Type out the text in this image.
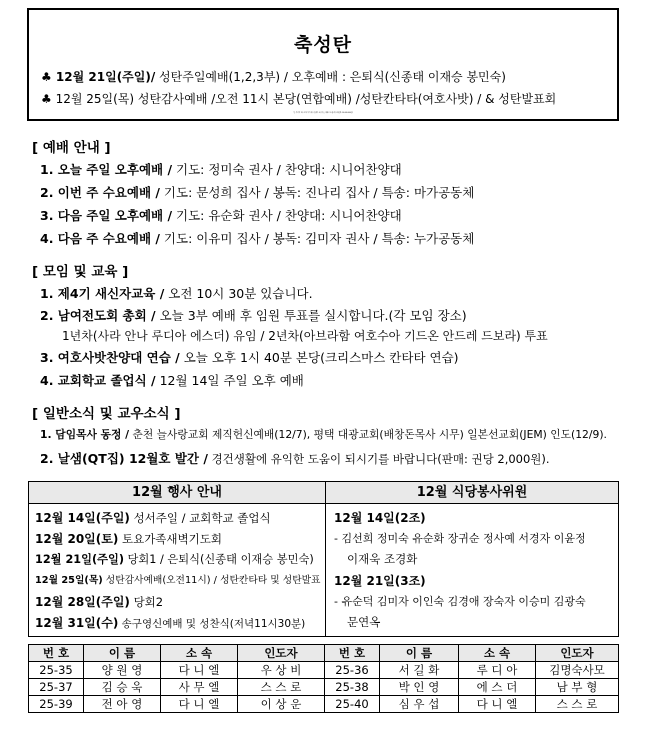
축성탄
♣ 12월 21일(주일)/ 성탄주일예배(1,2,3부) / 오후예배 : 은퇴식(신종태 이재승 봉민숙)
♣ 12월 25일(목) 성탄감사예배 /오전 11시 본당(연합예배) /성탄칸타타(여호사밧) / & 성탄발표회
*온 가족이 모두 모여 아기 예수 탄생을 축하하는 예배로 드립니다.(예산액: 20,000,000원)
[ 예배 안내 ]
1. 오늘 주일 오후예배 / 기도: 정미숙 권사 / 찬양대: 시니어찬양대
2. 이번 주 수요예배 / 기도: 문성희 집사 / 봉독: 진나리 집사 / 특송: 마가공동체
3. 다음 주일 오후예배 / 기도: 유순화 권사 / 찬양대: 시니어찬양대
4. 다음 주 수요예배 / 기도: 이유미 집사 / 봉독: 김미자 권사 / 특송: 누가공동체
[ 모임 및 교육 ]
1. 제4기 새신자교육 / 오전 10시 30분 있습니다.
2. 남여전도회 총회 / 오늘 3부 예배 후 임원 투표를 실시합니다.(각 모임 장소)
1년차(사라 안나 루디아 에스더) 유임 / 2년차(아브라함 여호수아 기드온 안드레 드보라) 투표
3. 여호사밧찬양대 연습 / 오늘 오후 1시 40분 본당(크리스마스 칸타타 연습)
4. 교회학교 졸업식 / 12월 14일 주일 오후 예배
[ 일반소식 및 교우소식 ]
1. 담임목사 동정 / 춘천 늘사랑교회 제직헌신예배(12/7), 평택 대광교회(배창돈목사 시무) 일본선교회(JEM) 인도(12/9).
2. 날샘(QT집) 12월호 발간 / 경건생활에 유익한 도움이 되시기를 바랍니다(판매: 권당 2,000원).
12월 행사 안내	12월 식당봉사위원
12월 14일(주일) 성서주일 / 교회학교 졸업식
12월 20일(토) 토요가족새벽기도회
12월 21일(주일) 당회1 / 은퇴식(신종태 이재승 봉민숙)
12월 25일(목) 성탄감사예배(오전11시) / 성탄칸타타 및 성탄발표
12월 28일(주일) 당회2
12월 31일(수) 송구영신예배 및 성찬식(저녁11시30분)
12월 14일(2조)
- 김선희 정미숙 유순화 장귀순 정사예 서경자 이윤정
이재욱 조경화
12월 21일(3조)
- 유순덕 김미자 이인숙 김경애 장숙자 이승미 김광숙
문연옥
번 호	이 름	소 속	인도자	번 호	이 름	소 속	인도자
25-35	양 원 영	다 니 엘	우 상 비	25-36	서 길 화	루 디 아	김명숙사모
25-37	김 승 욱	사 무 엘	스 스 로	25-38	박 인 영	에 스 더	남 부 형
25-39	전 아 영	다 니 엘	이 상 운	25-40	심 우 섭	다 니 엘	스 스 로
